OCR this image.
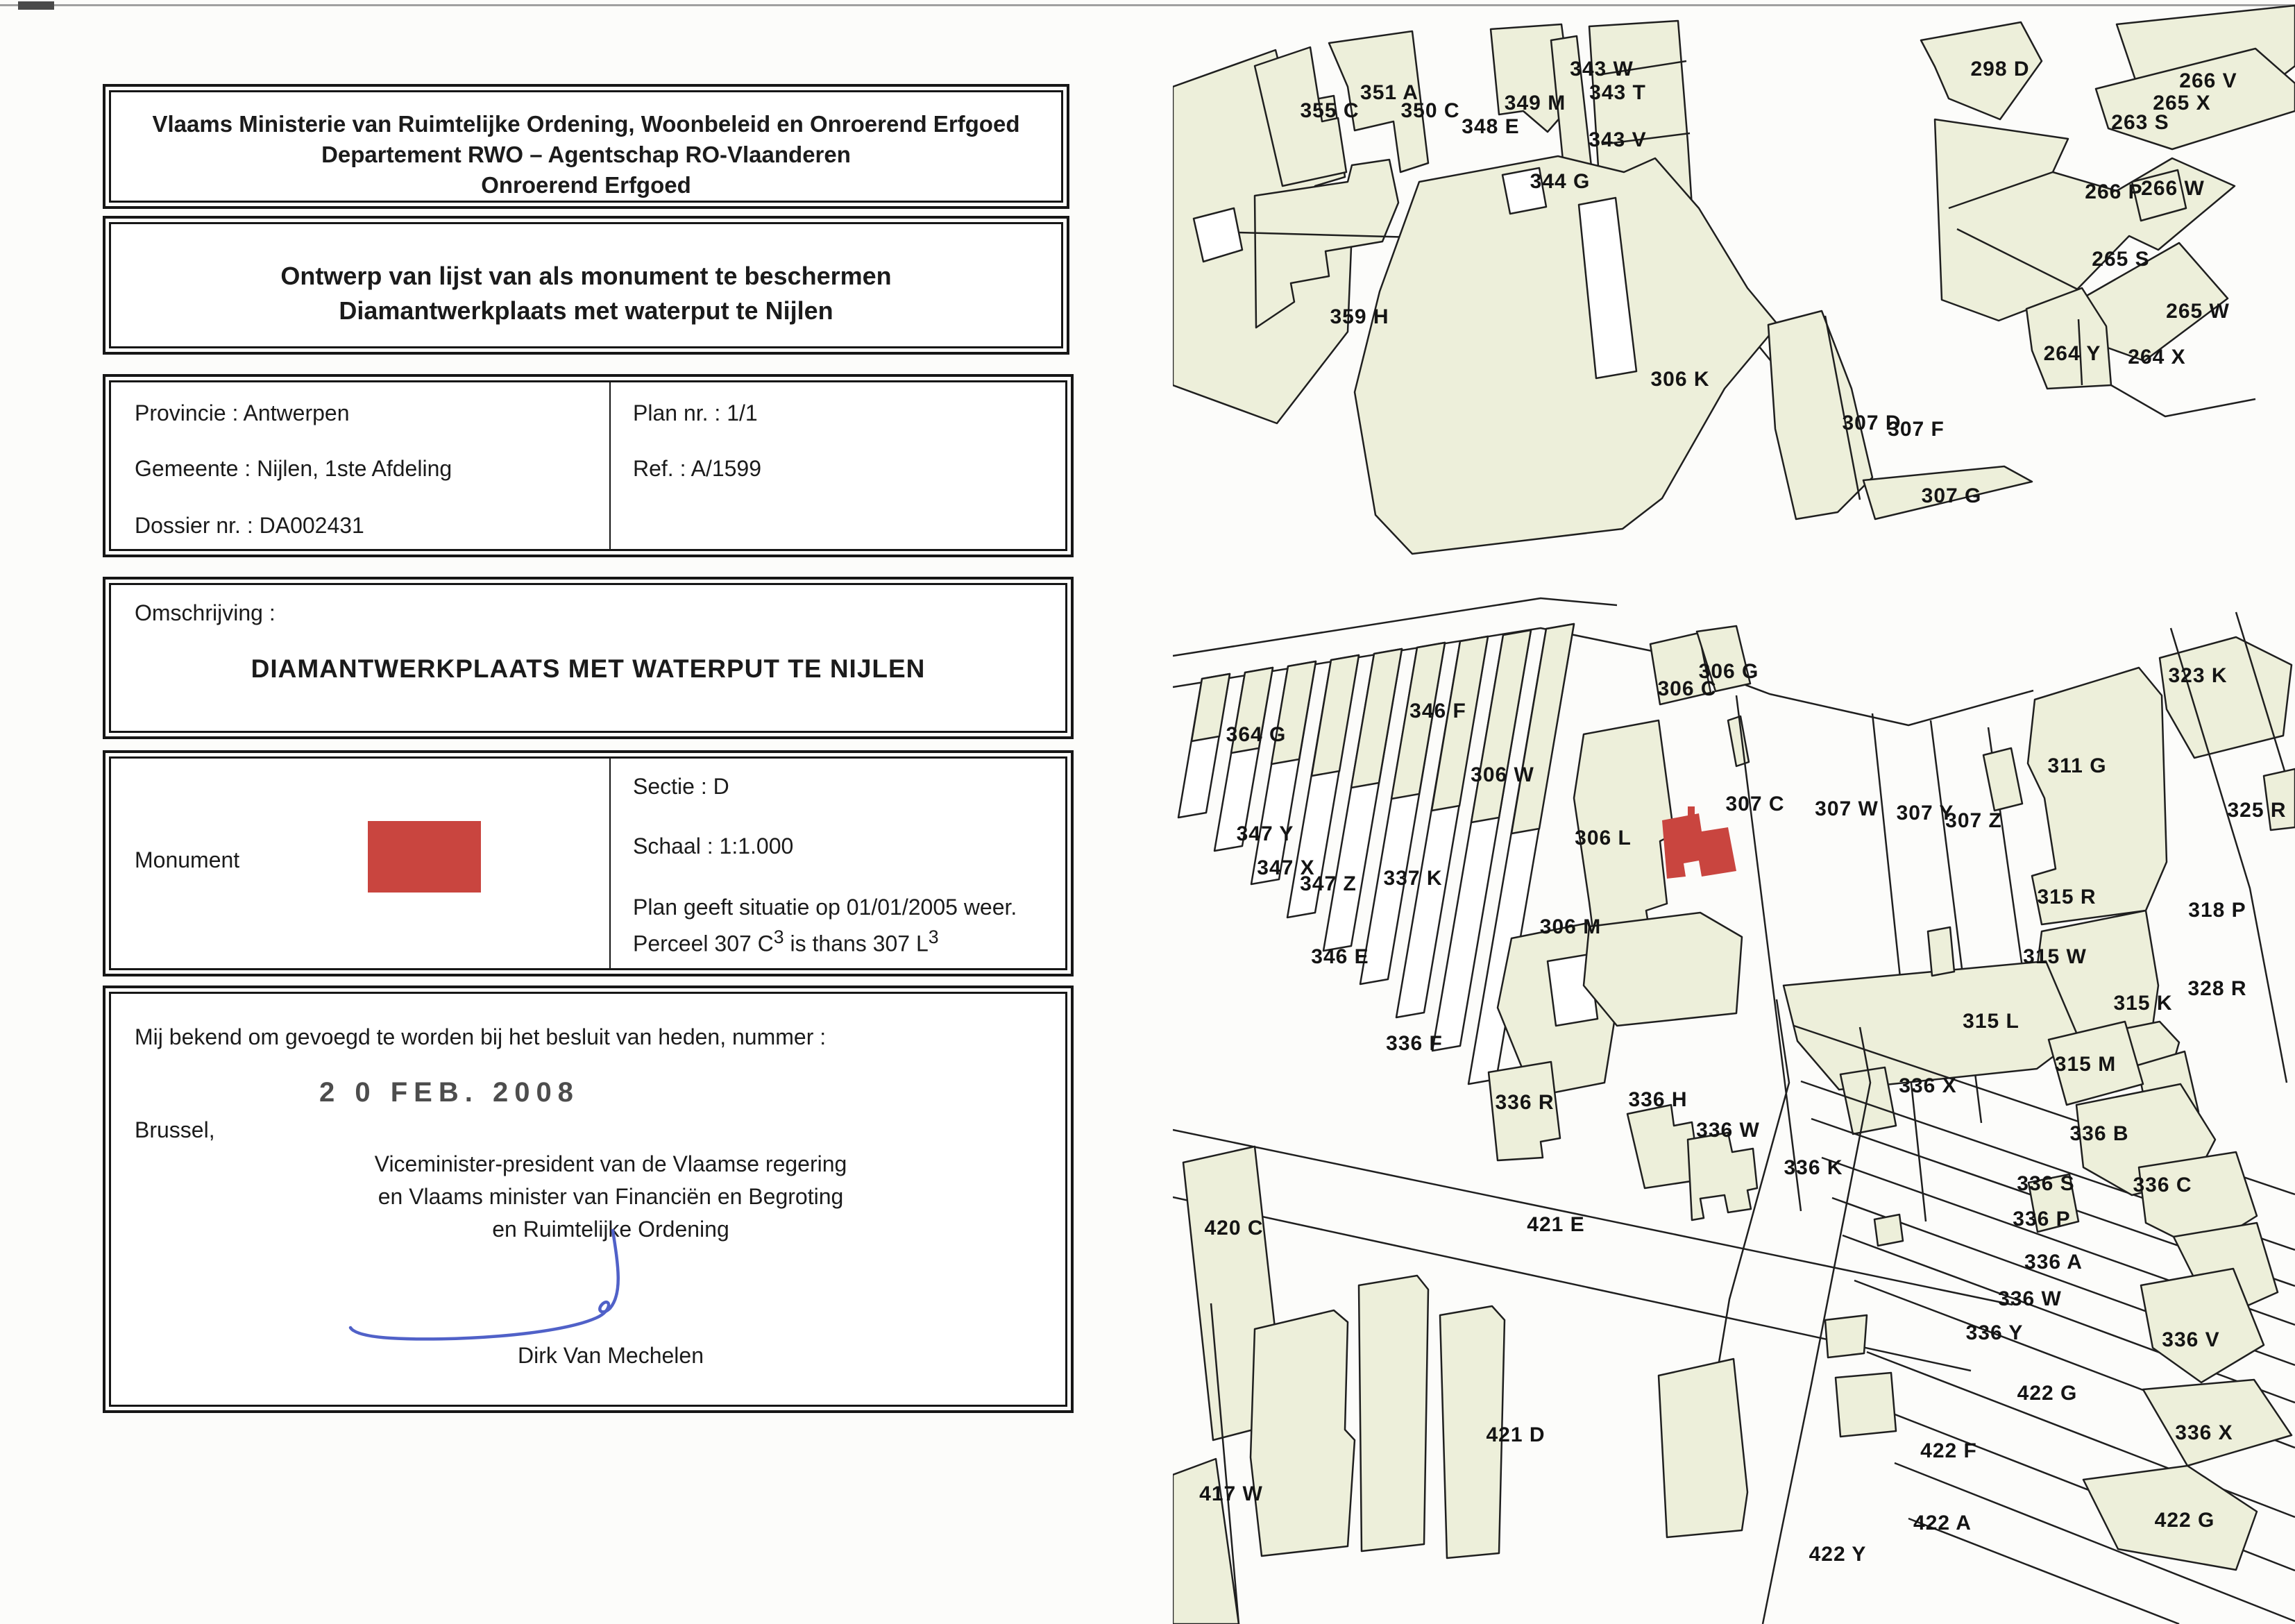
Vlaams Ministerie van Ruimtelijke Ordening, Woonbeleid en Onroerend Erfgoed
Departement RWO – Agentschap RO-Vlaanderen
Onroerend Erfgoed
Ontwerp van lijst van als monument te beschermen
Diamantwerkplaats met waterput te Nijlen
Provincie : Antwerpen
Gemeente : Nijlen, 1ste Afdeling
Dossier nr. : DA002431
Plan nr. : 1/1
Ref. : A/1599
Omschrijving :
DIAMANTWERKPLAATS MET WATERPUT TE NIJLEN
Monument
Sectie : D
Schaal : 1:1.000
Plan geeft situatie op 01/01/2005 weer.
Perceel 307 $C^3$ is thans 307 $L^3$
Mij bekend om gevoegd te worden bij het besluit van heden, nummer :
2 0 FEB. 2008
Brussel,
Viceminister-president van de Vlaamse regering
en Vlaams minister van Financiën en Begroting
en Ruimtelijke Ordening
Dirk Van Mechelen
343 W
351 A	343 T
355 C 350 C 349 M
348 E
343 V
298 D
266 V
265 X
263 S
266 P
266 W
344 G
265 S
359 H
306 K
265 W
264 Y 264 X
307 D
307 F
307 G
323 K
364 G
346 F
306 G
306 C
306 W	311 G
325 R
307 C 307 W 307 Y
307 Z
347 Y	306 L
347 X
347 Z 337 K
315 R
318 P
306 M
315 W
328 R
315 K
315 L
346 E
315 M
336 F
336 X
336 B
336 R	336 H
336 W
336 K
336 S	336 C
336 P
336 A
420 C	421 E
336 W
336 Y	336 V
422 G
336 X
421 D
422 F
422 A
422 Y
422 G
417 W
